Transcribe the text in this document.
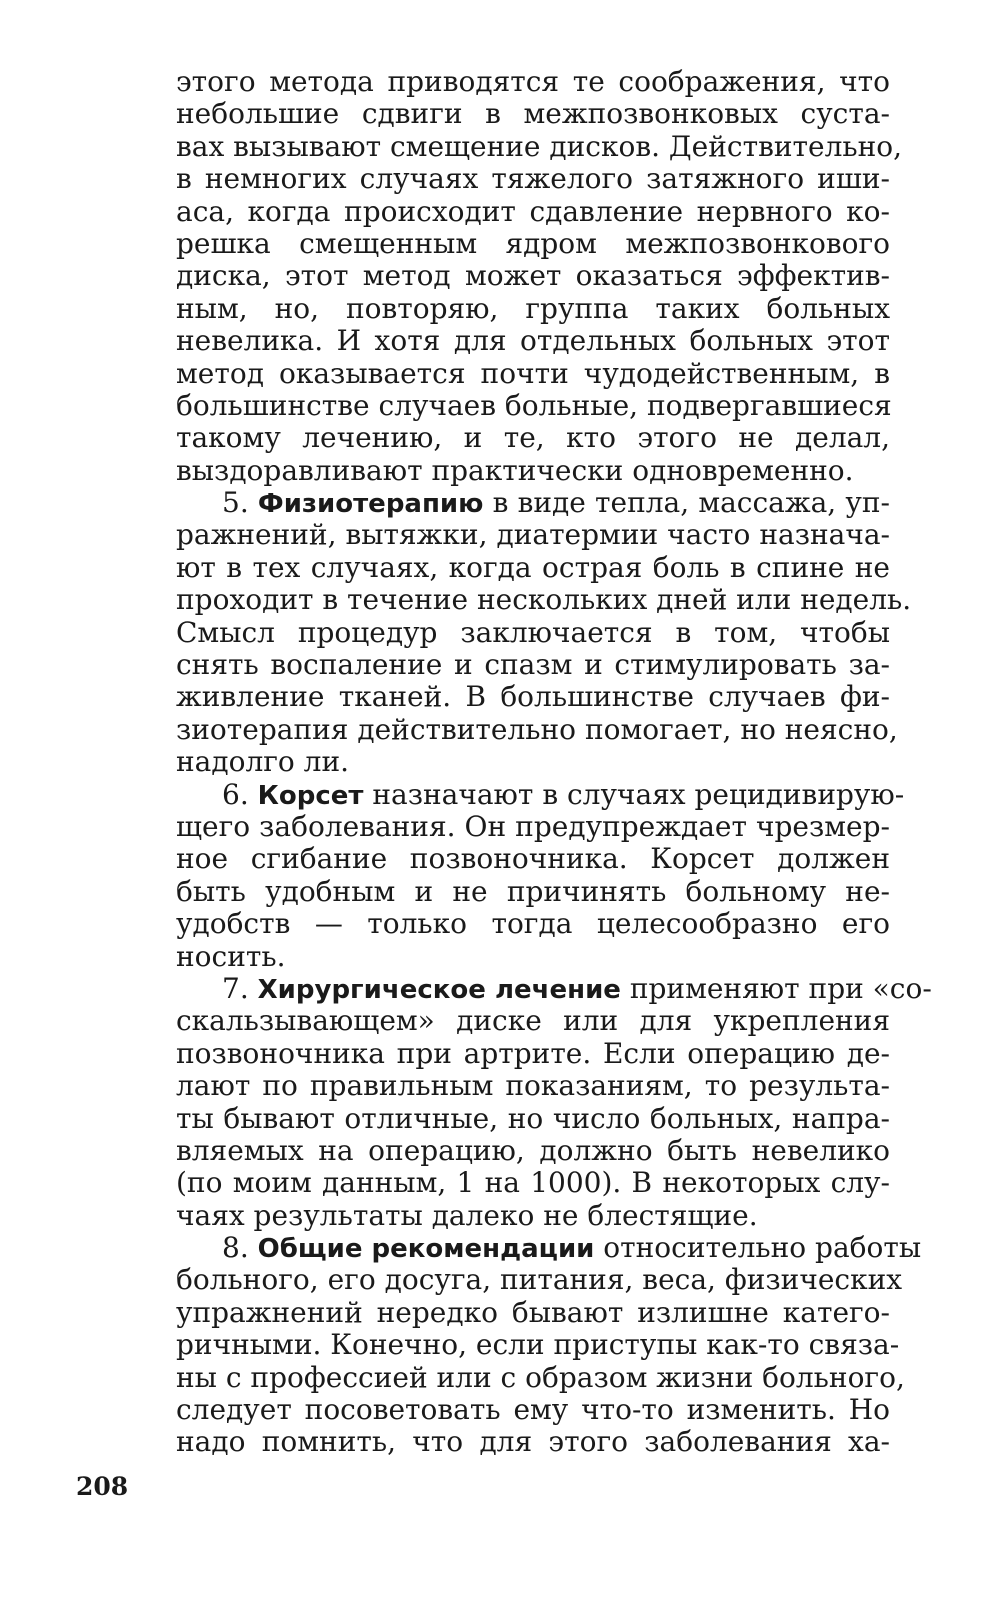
этого метода приводятся те соображения, что
небольшие сдвиги в межпозвонковых суста-
вах вызывают смещение дисков. Действительно,
в немногих случаях тяжелого затяжного иши-
аса, когда происходит сдавление нервного ко-
решка смещенным ядром межпозвонкового
диска, этот метод может оказаться эффектив-
ным, но, повторяю, группа таких больных
невелика. И хотя для отдельных больных этот
метод оказывается почти чудодейственным, в
большинстве случаев больные, подвергавшиеся
такому лечению, и те, кто этого не делал,
выздоравливают практически одновременно.
5. Физиотерапию в виде тепла, массажа, уп-
ражнений, вытяжки, диатермии часто назнача-
ют в тех случаях, когда острая боль в спине не
проходит в течение нескольких дней или недель.
Смысл процедур заключается в том, чтобы
снять воспаление и спазм и стимулировать за-
живление тканей. В большинстве случаев фи-
зиотерапия действительно помогает, но неясно,
надолго ли.
6. Корсет назначают в случаях рецидивирую-
щего заболевания. Он предупреждает чрезмер-
ное сгибание позвоночника. Корсет должен
быть удобным и не причинять больному не-
удобств — только тогда целесообразно его
носить.
7. Хирургическое лечение применяют при «со-
скальзывающем» диске или для укрепления
позвоночника при артрите. Если операцию де-
лают по правильным показаниям, то результа-
ты бывают отличные, но число больных, напра-
вляемых на операцию, должно быть невелико
(по моим данным, 1 на 1000). В некоторых слу-
чаях результаты далеко не блестящие.
8. Общие рекомендации относительно работы
больного, его досуга, питания, веса, физических
упражнений нередко бывают излишне катего-
ричными. Конечно, если приступы как-то связа-
ны с профессией или с образом жизни больного,
следует посоветовать ему что-то изменить. Но
надо помнить, что для этого заболевания ха-
208
